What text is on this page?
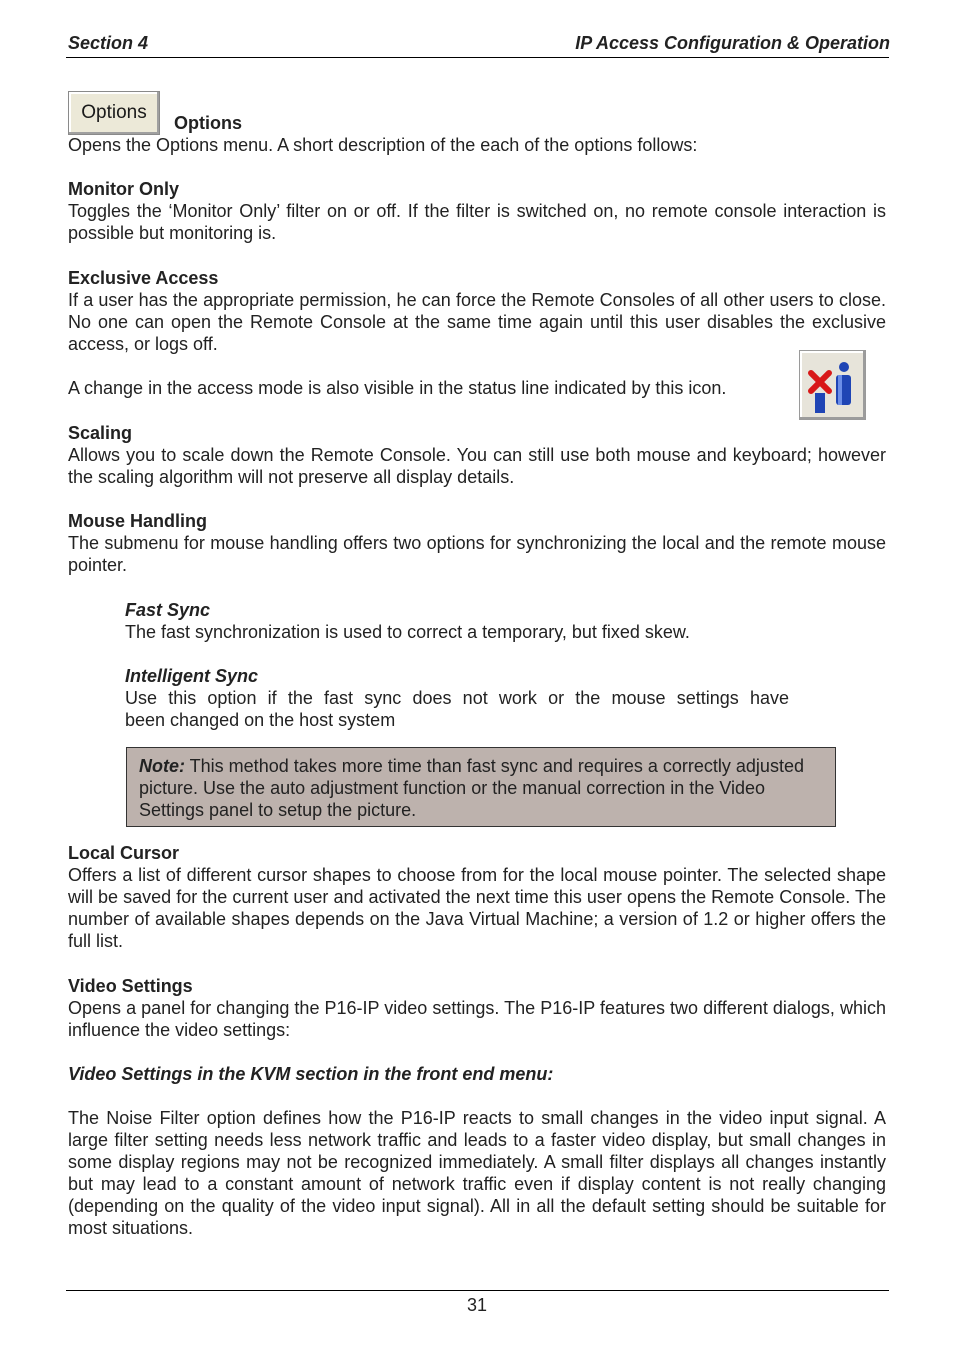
Section 4	IP Access Configuration & Operation
Options Options
Opens the Options menu. A short description of the each of the options follows:
Monitor Only
Toggles the ‘Monitor Only’ filter on or off. If the filter is switched on, no remote console interaction is possible but monitoring is.
Exclusive Access
If a user has the appropriate permission, he can force the Remote Consoles of all other users to close. No one can open the Remote Console at the same time again until this user disables the exclusive access, or logs off.
A change in the access mode is also visible in the status line indicated by this icon.
Scaling
Allows you to scale down the Remote Console. You can still use both mouse and keyboard; however the scaling algorithm will not preserve all display details.
Mouse Handling
The submenu for mouse handling offers two options for synchronizing the local and the remote mouse pointer.
Fast Sync
The fast synchronization is used to correct a temporary, but fixed skew.
Intelligent Sync
Use this option if the fast sync does not work or the mouse settings have
been changed on the host system
Note: This method takes more time than fast sync and requires a correctly adjusted picture. Use the auto adjustment function or the manual correction in the Video Settings panel to setup the picture.
Local Cursor
Offers a list of different cursor shapes to choose from for the local mouse pointer. The selected shape will be saved for the current user and activated the next time this user opens the Remote Console. The number of available shapes depends on the Java Virtual Machine; a version of 1.2 or higher offers the full list.
Video Settings
Opens a panel for changing the P16-IP video settings. The P16-IP features two different dialogs, which influence the video settings:
Video Settings in the KVM section in the front end menu:
The Noise Filter option defines how the P16-IP reacts to small changes in the video input signal. A large filter setting needs less network traffic and leads to a faster video display, but small changes in some display regions may not be recognized immediately. A small filter displays all changes instantly but may lead to a constant amount of network traffic even if display content is not really changing (depending on the quality of the video input signal). All in all the default setting should be suitable for most situations.
31
